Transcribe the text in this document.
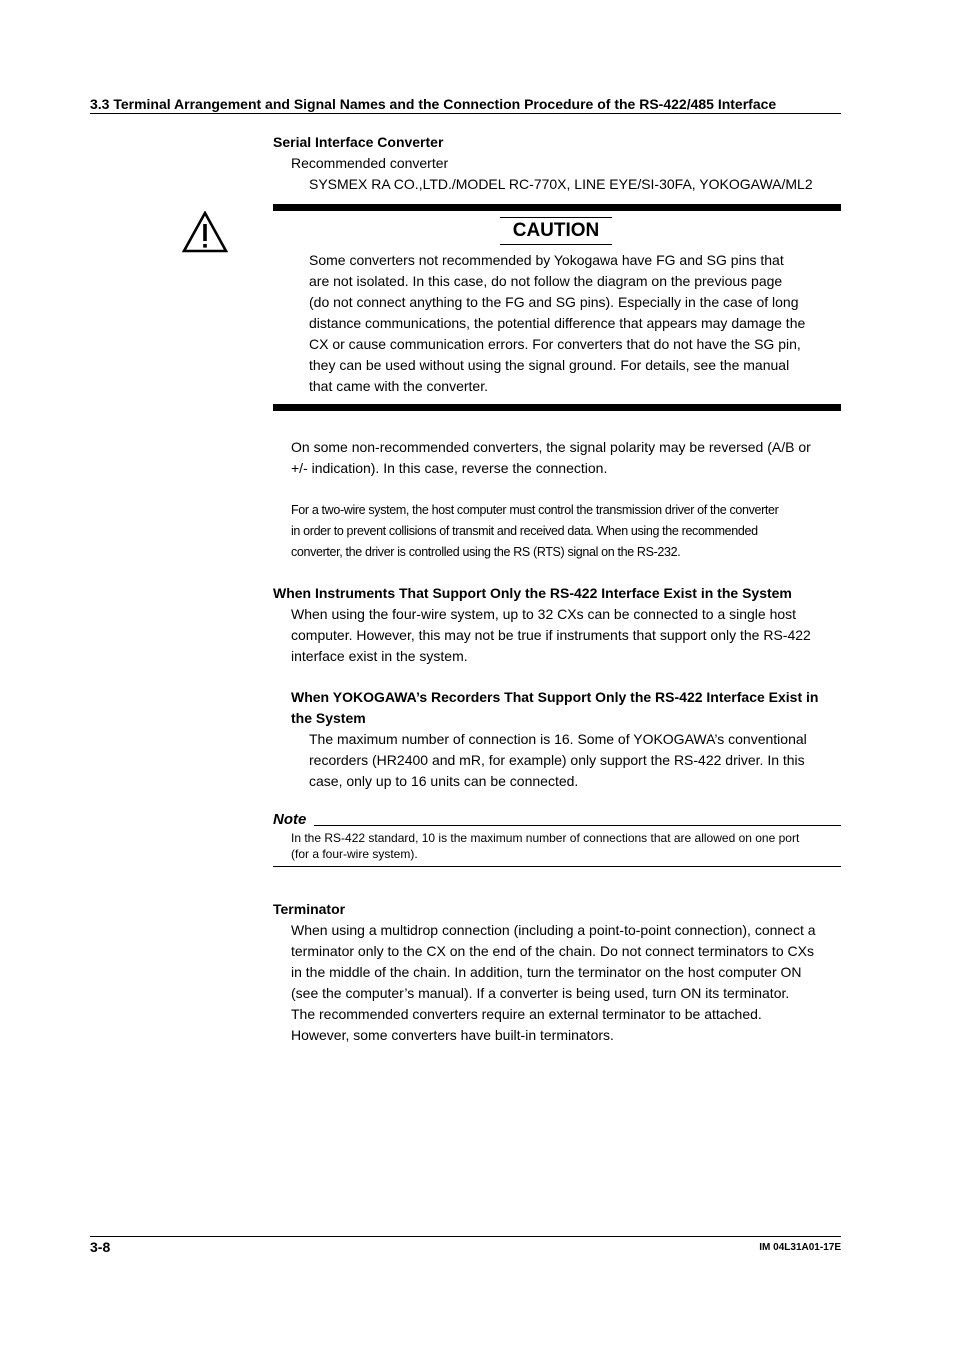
3.3 Terminal Arrangement and Signal Names and the Connection Procedure of the RS-422/485 Interface
Serial Interface Converter
Recommended converter
SYSMEX RA CO.,LTD./MODEL RC-770X, LINE EYE/SI-30FA, YOKOGAWA/ML2
CAUTION
Some converters not recommended by Yokogawa have FG and SG pins that
are not isolated. In this case, do not follow the diagram on the previous page
(do not connect anything to the FG and SG pins). Especially in the case of long
distance communications, the potential difference that appears may damage the
CX or cause communication errors. For converters that do not have the SG pin,
they can be used without using the signal ground. For details, see the manual
that came with the converter.
On some non-recommended converters, the signal polarity may be reversed (A/B or
+/- indication). In this case, reverse the connection.
For a two-wire system, the host computer must control the transmission driver of the converter
in order to prevent collisions of transmit and received data. When using the recommended
converter, the driver is controlled using the RS (RTS) signal on the RS-232.
When Instruments That Support Only the RS-422 Interface Exist in the System
When using the four-wire system, up to 32 CXs can be connected to a single host
computer. However, this may not be true if instruments that support only the RS-422
interface exist in the system.
When YOKOGAWA’s Recorders That Support Only the RS-422 Interface Exist in
the System
The maximum number of connection is 16. Some of YOKOGAWA’s conventional
recorders (HR2400 and mR, for example) only support the RS-422 driver. In this
case, only up to 16 units can be connected.
Note
In the RS-422 standard, 10 is the maximum number of connections that are allowed on one port
(for a four-wire system).
Terminator
When using a multidrop connection (including a point-to-point connection), connect a
terminator only to the CX on the end of the chain. Do not connect terminators to CXs
in the middle of the chain. In addition, turn the terminator on the host computer ON
(see the computer’s manual). If a converter is being used, turn ON its terminator.
The recommended converters require an external terminator to be attached.
However, some converters have built-in terminators.
3-8	IM 04L31A01-17E
